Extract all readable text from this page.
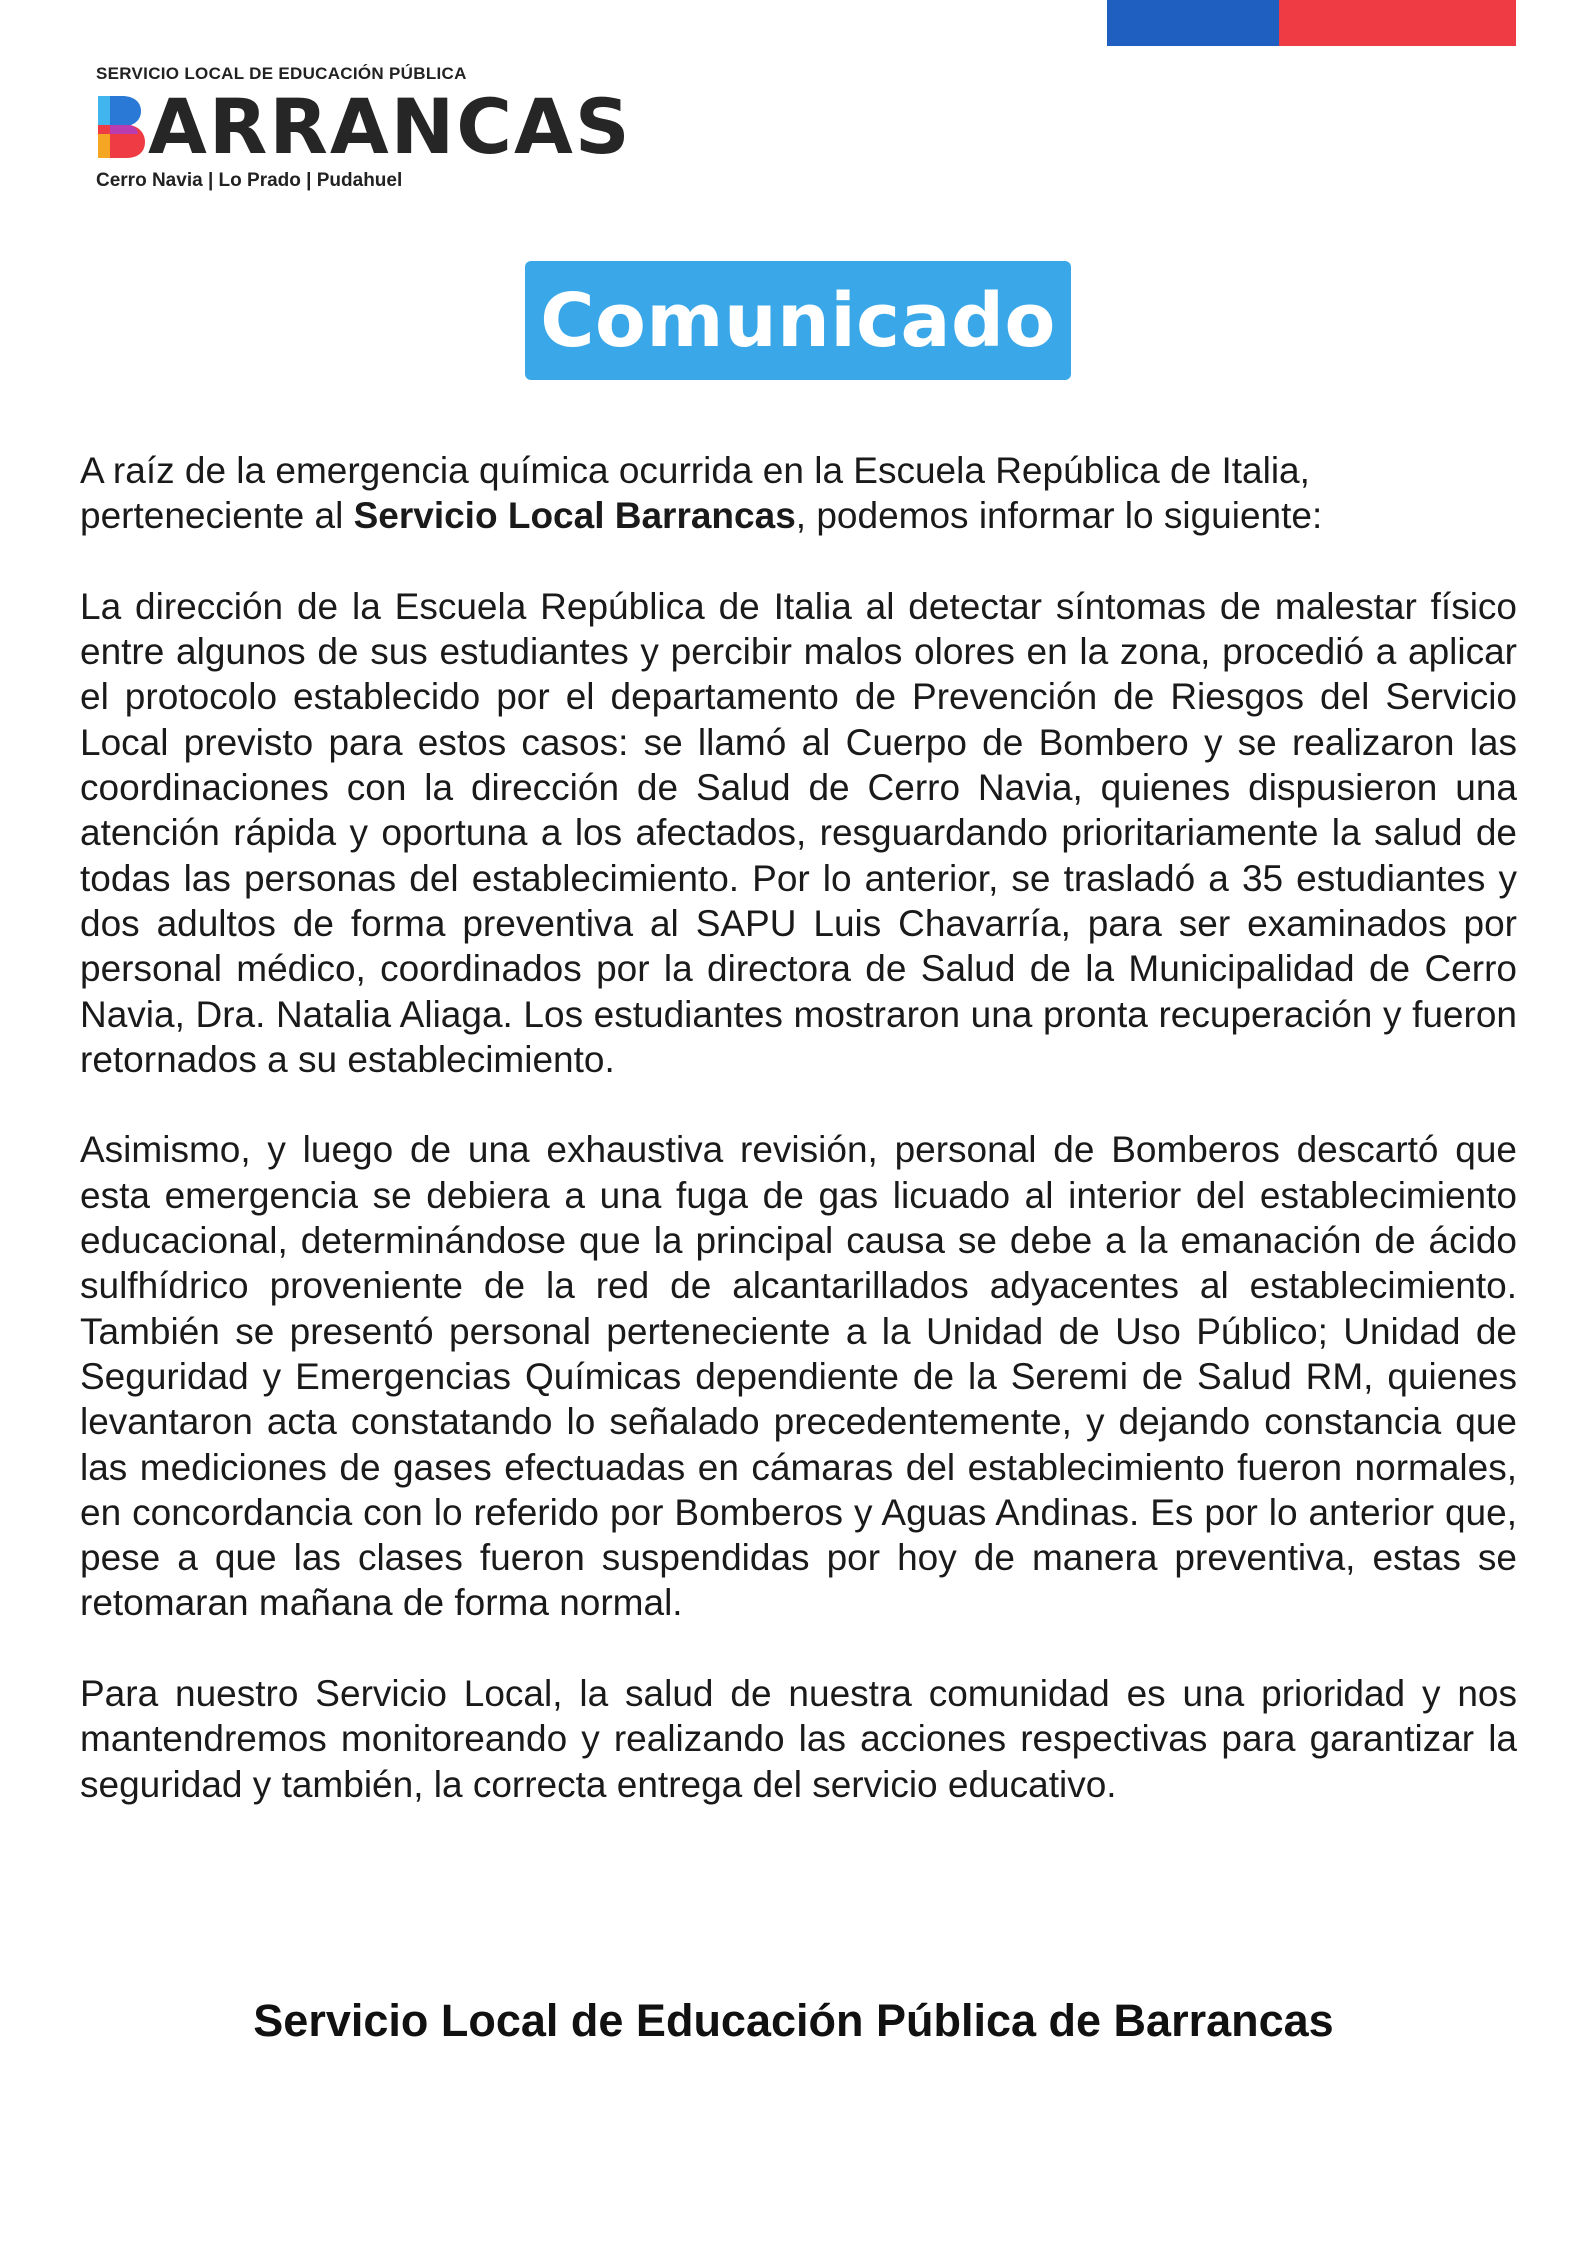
SERVICIO LOCAL DE EDUCACIÓN PÚBLICA
ARRANCAS
Cerro Navia | Lo Prado | Pudahuel
Comunicado

A raíz de la emergencia química ocurrida en la Escuela República de Italia, perteneciente al Servicio Local Barrancas, podemos informar lo siguiente:

La dirección de la Escuela República de Italia al detectar síntomas de malestar físico entre algunos de sus estudiantes y percibir malos olores en la zona, procedió a aplicar el protocolo establecido por el departamento de Prevención de Riesgos del Servicio Local previsto para estos casos: se llamó al Cuerpo de Bombero y se realizaron las coordinaciones con la dirección de Salud de Cerro Navia, quienes dispusieron una atención rápida y oportuna a los afectados, resguardando prioritariamente la salud de todas las personas del establecimiento. Por lo anterior, se trasladó a 35 estudiantes y dos adultos de forma preventiva al SAPU Luis Chavarría, para ser examinados por personal médico, coordinados por la directora de Salud de la Municipalidad de Cerro Navia, Dra. Natalia Aliaga. Los estudiantes mostraron una pronta recuperación y fueron retornados a su establecimiento.

Asimismo, y luego de una exhaustiva revisión, personal de Bomberos descartó que esta emergencia se debiera a una fuga de gas licuado al interior del establecimiento educacional, determinándose que la principal causa se debe a la emanación de ácido sulfhídrico proveniente de la red de alcantarillados adyacentes al establecimiento. También se presentó personal perteneciente a la Unidad de Uso Público; Unidad de Seguridad y Emergencias Químicas dependiente de la Seremi de Salud RM, quienes levantaron acta constatando lo señalado precedentemente, y dejando constancia que las mediciones de gases efectuadas en cámaras del establecimiento fueron normales, en concordancia con lo referido por Bomberos y Aguas Andinas. Es por lo anterior que, pese a que las clases fueron suspendidas por hoy de manera preventiva, estas se retomaran mañana de forma normal.

Para nuestro Servicio Local, la salud de nuestra comunidad es una prioridad y nos mantendremos monitoreando y realizando las acciones respectivas para garantizar la seguridad y también, la correcta entrega del servicio educativo.

Servicio Local de Educación Pública de Barrancas
